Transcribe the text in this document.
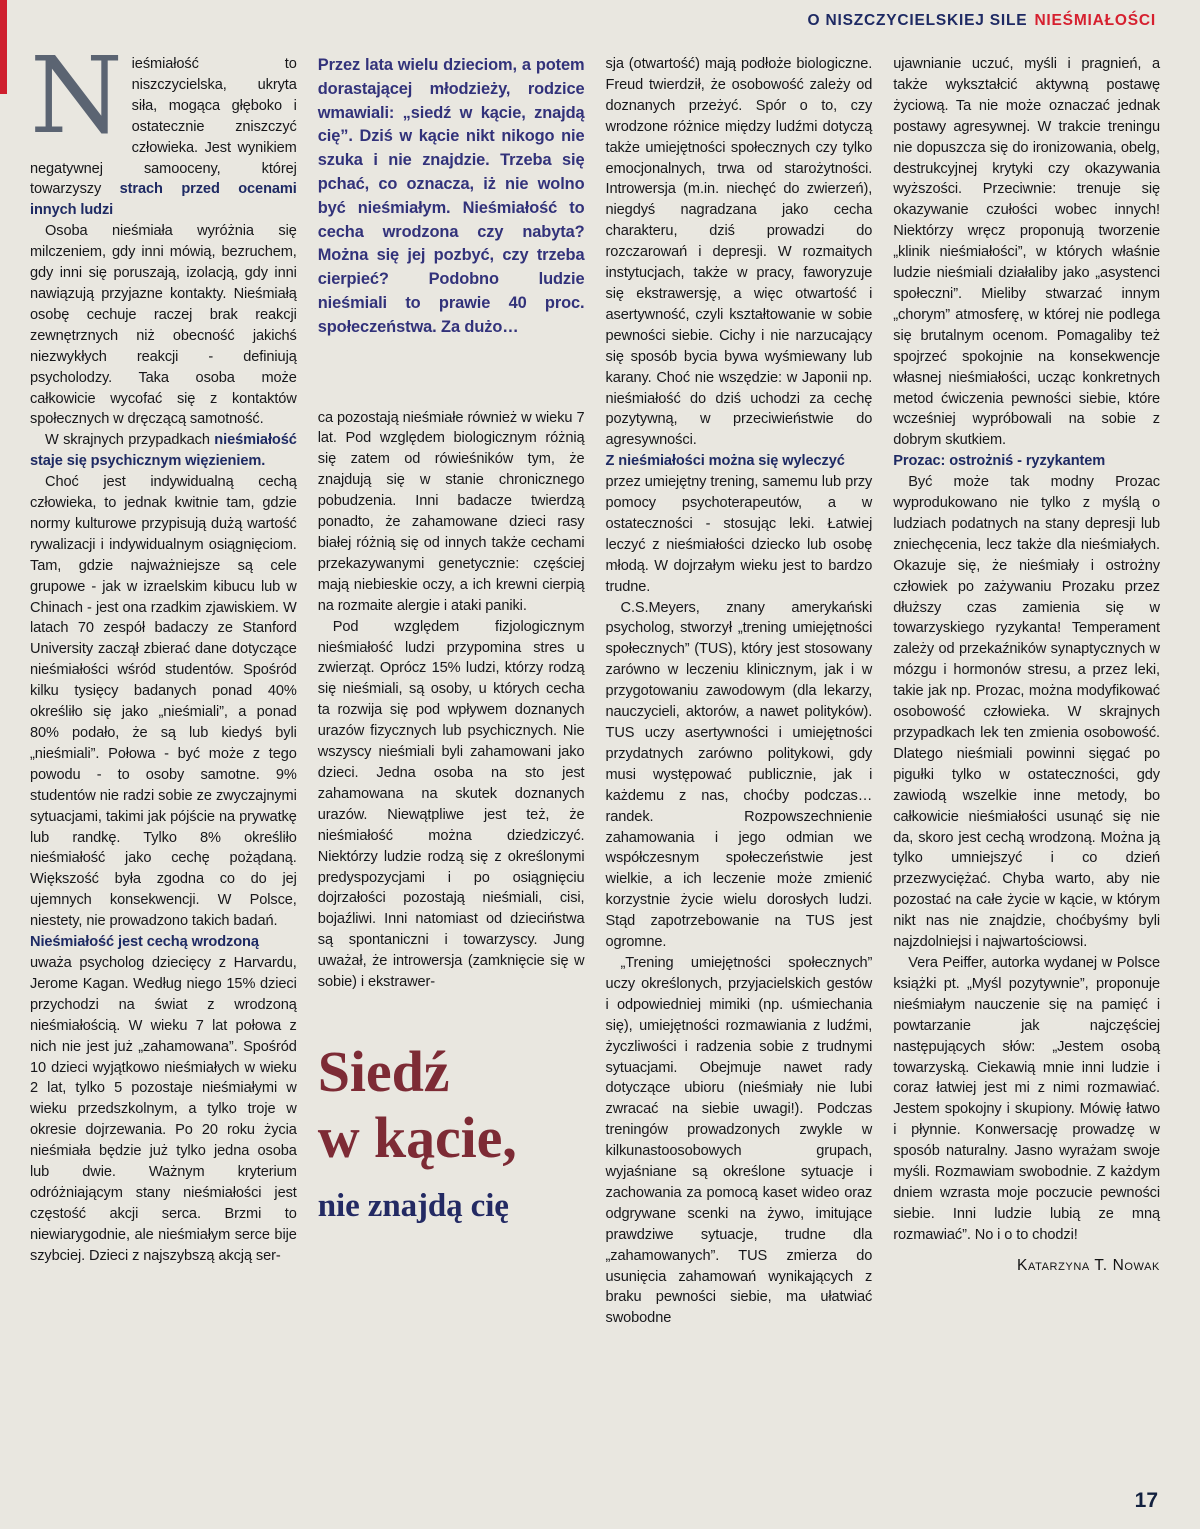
O NISZCZYCIELSKIEJ SILE NIEŚMIAŁOŚCI

Nieśmiałość to niszczycielska, ukryta siła, mogąca głęboko i ostatecznie zniszczyć człowieka. Jest wynikiem negatywnej samooceny, której towarzyszy strach przed ocenami innych ludzi

Osoba nieśmiała wyróżnia się milczeniem, gdy inni mówią, bezruchem, gdy inni się poruszają, izolacją, gdy inni nawiązują przyjazne kontakty. Nieśmiałą osobę cechuje raczej brak reakcji zewnętrznych niż obecność jakichś niezwykłych reakcji - definiują psycholodzy. Taka osoba może całkowicie wycofać się z kontaktów społecznych w dręczącą samotność.

W skrajnych przypadkach nieśmiałość staje się psychicznym więzieniem.

Choć jest indywidualną cechą człowieka, to jednak kwitnie tam, gdzie normy kulturowe przypisują dużą wartość rywalizacji i indywidualnym osiągnięciom. Tam, gdzie najważniejsze są cele grupowe - jak w izraelskim kibucu lub w Chinach - jest ona rzadkim zjawiskiem. W latach 70 zespół badaczy ze Stanford University zaczął zbierać dane dotyczące nieśmiałości wśród studentów. Spośród kilku tysięcy badanych ponad 40% określiło się jako „nieśmiali”, a ponad 80% podało, że są lub kiedyś byli „nieśmiali”. Połowa - być może z tego powodu - to osoby samotne. 9% studentów nie radzi sobie ze zwyczajnymi sytuacjami, takimi jak pójście na prywatkę lub randkę. Tylko 8% określiło nieśmiałość jako cechę pożądaną. Większość była zgodna co do jej ujemnych konsekwencji. W Polsce, niestety, nie prowadzono takich badań.

Nieśmiałość jest cechą wrodzoną

uważa psycholog dziecięcy z Harvardu, Jerome Kagan. Według niego 15% dzieci przychodzi na świat z wrodzoną nieśmiałością. W wieku 7 lat połowa z nich nie jest już „zahamowana”. Spośród 10 dzieci wyjątkowo nieśmiałych w wieku 2 lat, tylko 5 pozostaje nieśmiałymi w wieku przedszkolnym, a tylko troje w okresie dojrzewania. Po 20 roku życia nieśmiała będzie już tylko jedna osoba lub dwie. Ważnym kryterium odróżniającym stany nieśmiałości jest częstość akcji serca. Brzmi to niewiarygodnie, ale nieśmiałym serce bije szybciej. Dzieci z najszybszą akcją ser-

Przez lata wielu dzieciom, a potem dorastającej młodzieży, rodzice wmawiali: „siedź w kącie, znajdą cię”. Dziś w kącie nikt nikogo nie szuka i nie znajdzie. Trzeba się pchać, co oznacza, iż nie wolno być nieśmiałym. Nieśmiałość to cecha wrodzona czy nabyta? Można się jej pozbyć, czy trzeba cierpieć? Podobno ludzie nieśmiali to prawie 40 proc. społeczeństwa. Za dużo…

ca pozostają nieśmiałe również w wieku 7 lat. Pod względem biologicznym różnią się zatem od rówieśników tym, że znajdują się w stanie chronicznego pobudzenia. Inni badacze twierdzą ponadto, że zahamowane dzieci rasy białej różnią się od innych także cechami przekazywanymi genetycznie: częściej mają niebieskie oczy, a ich krewni cierpią na rozmaite alergie i ataki paniki.

Pod względem fizjologicznym nieśmiałość ludzi przypomina stres u zwierząt. Oprócz 15% ludzi, którzy rodzą się nieśmiali, są osoby, u których cecha ta rozwija się pod wpływem doznanych urazów fizycznych lub psychicznych. Nie wszyscy nieśmiali byli zahamowani jako dzieci. Jedna osoba na sto jest zahamowana na skutek doznanych urazów. Niewątpliwe jest też, że nieśmiałość można dziedziczyć. Niektórzy ludzie rodzą się z określonymi predyspozycjami i po osiągnięciu dojrzałości pozostają nieśmiali, cisi, bojaźliwi. Inni natomiast od dzieciństwa są spontaniczni i towarzyscy. Jung uważał, że introwersja (zamknięcie się w sobie) i ekstrawer-

Siedź
w kącie,
nie znajdą cię

sja (otwartość) mają podłoże biologiczne. Freud twierdził, że osobowość zależy od doznanych przeżyć. Spór o to, czy wrodzone różnice między ludźmi dotyczą także umiejętności społecznych czy tylko emocjonalnych, trwa od starożytności. Introwersja (m.in. niechęć do zwierzeń), niegdyś nagradzana jako cecha charakteru, dziś prowadzi do rozczarowań i depresji. W rozmaitych instytucjach, także w pracy, faworyzuje się ekstrawersję, a więc otwartość i asertywność, czyli kształtowanie w sobie pewności siebie. Cichy i nie narzucający się sposób bycia bywa wyśmiewany lub karany. Choć nie wszędzie: w Japonii np. nieśmiałość do dziś uchodzi za cechę pozytywną, w przeciwieństwie do agresywności.

Z nieśmiałości można się wyleczyć

przez umiejętny trening, samemu lub przy pomocy psychoterapeutów, a w ostateczności - stosując leki. Łatwiej leczyć z nieśmiałości dziecko lub osobę młodą. W dojrzałym wieku jest to bardzo trudne.

C.S.Meyers, znany amerykański psycholog, stworzył „trening umiejętności społecznych” (TUS), który jest stosowany zarówno w leczeniu klinicznym, jak i w przygotowaniu zawodowym (dla lekarzy, nauczycieli, aktorów, a nawet polityków). TUS uczy asertywności i umiejętności przydatnych zarówno politykowi, gdy musi występować publicznie, jak i każdemu z nas, choćby podczas… randek. Rozpowszechnienie zahamowania i jego odmian we współczesnym społeczeństwie jest wielkie, a ich leczenie może zmienić korzystnie życie wielu dorosłych ludzi. Stąd zapotrzebowanie na TUS jest ogromne.

„Trening umiejętności społecznych” uczy określonych, przyjacielskich gestów i odpowiedniej mimiki (np. uśmiechania się), umiejętności rozmawiania z ludźmi, życzliwości i radzenia sobie z trudnymi sytuacjami. Obejmuje nawet rady dotyczące ubioru (nieśmiały nie lubi zwracać na siebie uwagi!). Podczas treningów prowadzonych zwykle w kilkunastoosobowych grupach, wyjaśniane są określone sytuacje i zachowania za pomocą kaset wideo oraz odgrywane scenki na żywo, imitujące prawdziwe sytuacje, trudne dla „zahamowanych”. TUS zmierza do usunięcia zahamowań wynikających z braku pewności siebie, ma ułatwiać swobodne

ujawnianie uczuć, myśli i pragnień, a także wykształcić aktywną postawę życiową. Ta nie może oznaczać jednak postawy agresywnej. W trakcie treningu nie dopuszcza się do ironizowania, obelg, destrukcyjnej krytyki czy okazywania wyższości. Przeciwnie: trenuje się okazywanie czułości wobec innych! Niektórzy wręcz proponują tworzenie „klinik nieśmiałości”, w których właśnie ludzie nieśmiali działaliby jako „asystenci społeczni”. Mieliby stwarzać innym „chorym” atmosferę, w której nie podlega się brutalnym ocenom. Pomagaliby też spojrzeć spokojnie na konsekwencje własnej nieśmiałości, ucząc konkretnych metod ćwiczenia pewności siebie, które wcześniej wypróbowali na sobie z dobrym skutkiem.

Prozac: ostrożniś - ryzykantem

Być może tak modny Prozac wyprodukowano nie tylko z myślą o ludziach podatnych na stany depresji lub zniechęcenia, lecz także dla nieśmiałych. Okazuje się, że nieśmiały i ostrożny człowiek po zażywaniu Prozaku przez dłuższy czas zamienia się w towarzyskiego ryzykanta! Temperament zależy od przekaźników synaptycznych w mózgu i hormonów stresu, a przez leki, takie jak np. Prozac, można modyfikować osobowość człowieka. W skrajnych przypadkach lek ten zmienia osobowość. Dlatego nieśmiali powinni sięgać po pigułki tylko w ostateczności, gdy zawiodą wszelkie inne metody, bo całkowicie nieśmiałości usunąć się nie da, skoro jest cechą wrodzoną. Można ją tylko umniejszyć i co dzień przezwyciężać. Chyba warto, aby nie pozostać na całe życie w kącie, w którym nikt nas nie znajdzie, choćbyśmy byli najzdolniejsi i najwartościowsi.

Vera Peiffer, autorka wydanej w Polsce książki pt. „Myśl pozytywnie”, proponuje nieśmiałym nauczenie się na pamięć i powtarzanie jak najczęściej następujących słów: „Jestem osobą towarzyską. Ciekawią mnie inni ludzie i coraz łatwiej jest mi z nimi rozmawiać. Jestem spokojny i skupiony. Mówię łatwo i płynnie. Konwersację prowadzę w sposób naturalny. Jasno wyrażam swoje myśli. Rozmawiam swobodnie. Z każdym dniem wzrasta moje poczucie pewności siebie. Inni ludzie lubią ze mną rozmawiać”. No i o to chodzi!

Katarzyna T. Nowak
17
